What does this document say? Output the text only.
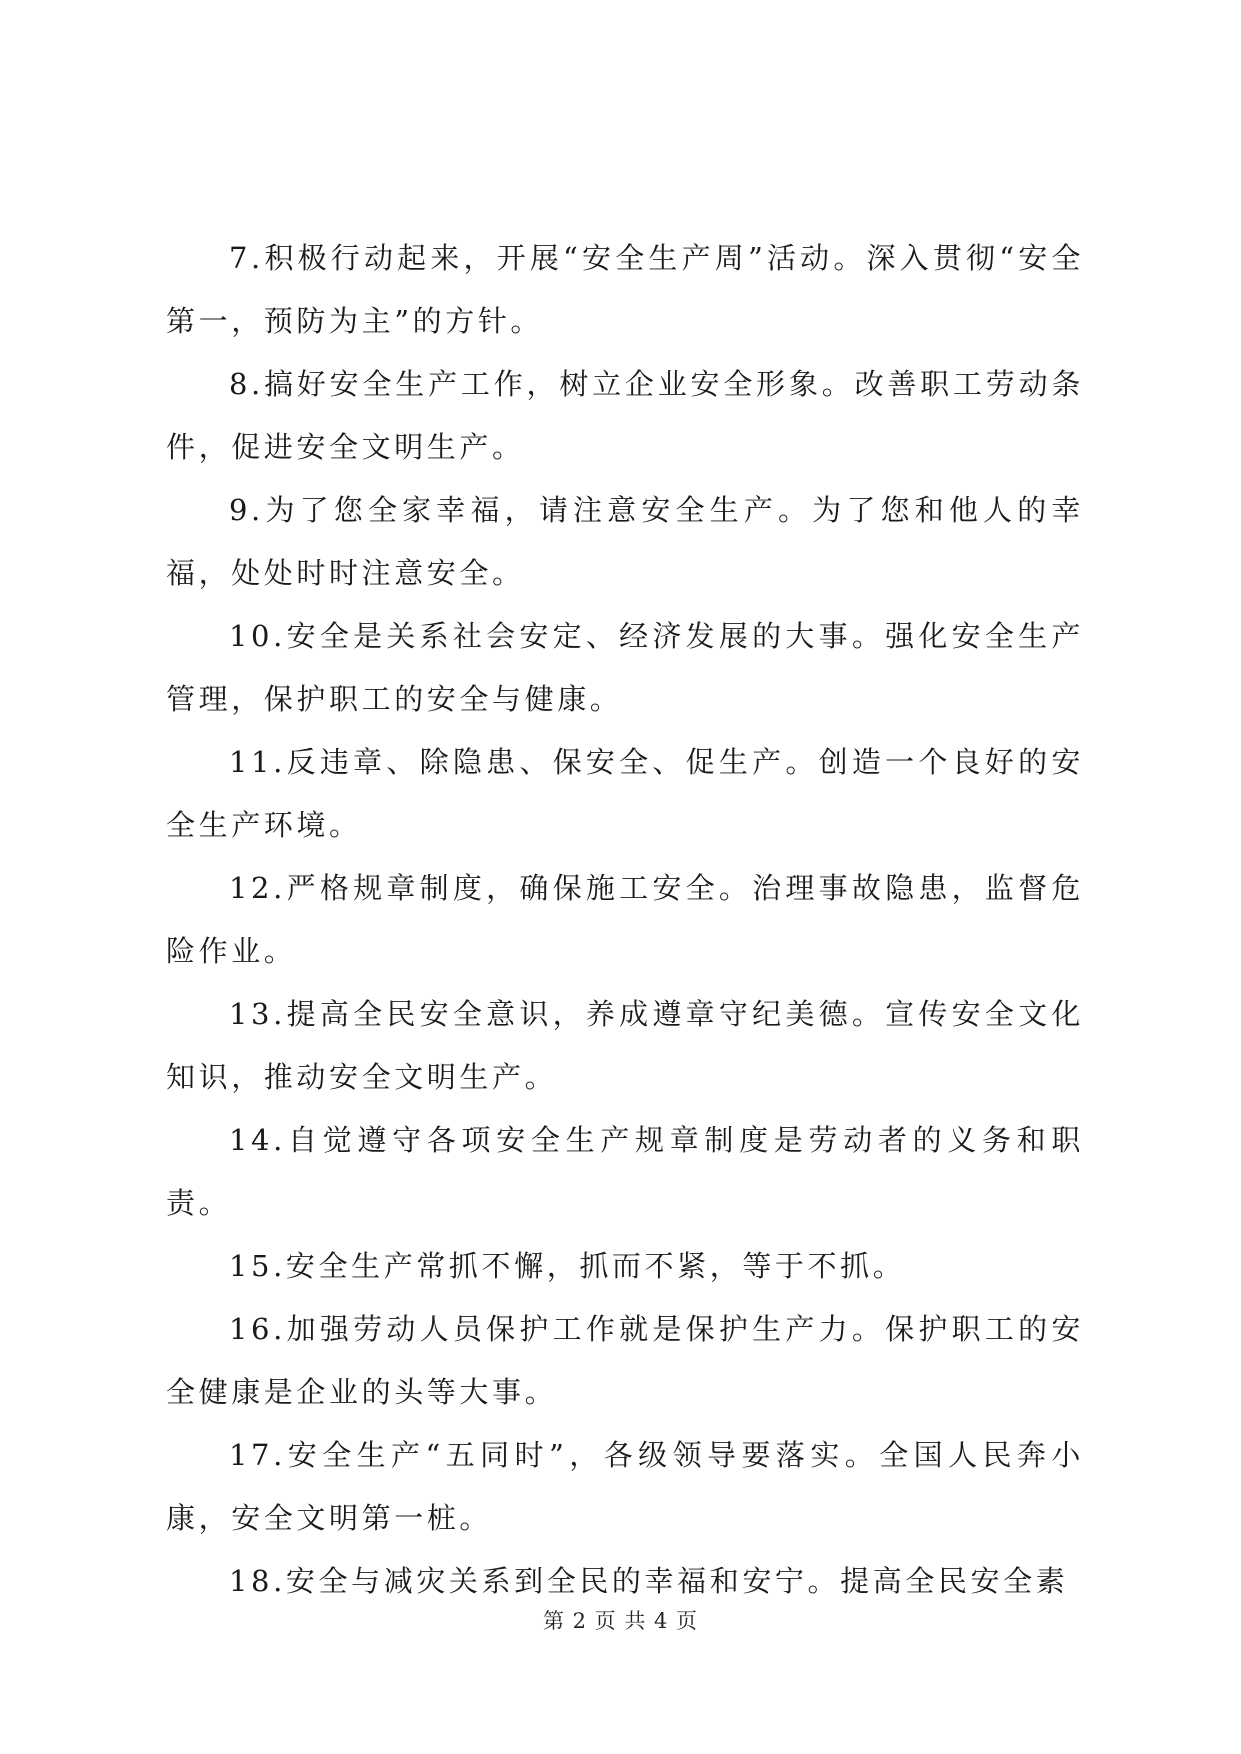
7.积极行动起来，开展“安全生产周”活动。深入贯彻“安全第一，预防为主”的方针。

8.搞好安全生产工作，树立企业安全形象。改善职工劳动条件，促进安全文明生产。

9.为了您全家幸福，请注意安全生产。为了您和他人的幸福，处处时时注意安全。

10.安全是关系社会安定、经济发展的大事。强化安全生产管理，保护职工的安全与健康。

11.反违章、除隐患、保安全、促生产。创造一个良好的安全生产环境。

12.严格规章制度，确保施工安全。治理事故隐患，监督危险作业。

13.提高全民安全意识，养成遵章守纪美德。宣传安全文化知识，推动安全文明生产。

14.自觉遵守各项安全生产规章制度是劳动者的义务和职责。

15.安全生产常抓不懈，抓而不紧，等于不抓。

16.加强劳动人员保护工作就是保护生产力。保护职工的安全健康是企业的头等大事。

17.安全生产“五同时”，各级领导要落实。全国人民奔小康，安全文明第一桩。

18.安全与减灾关系到全民的幸福和安宁。提高全民安全素

第 2 页 共 4 页
